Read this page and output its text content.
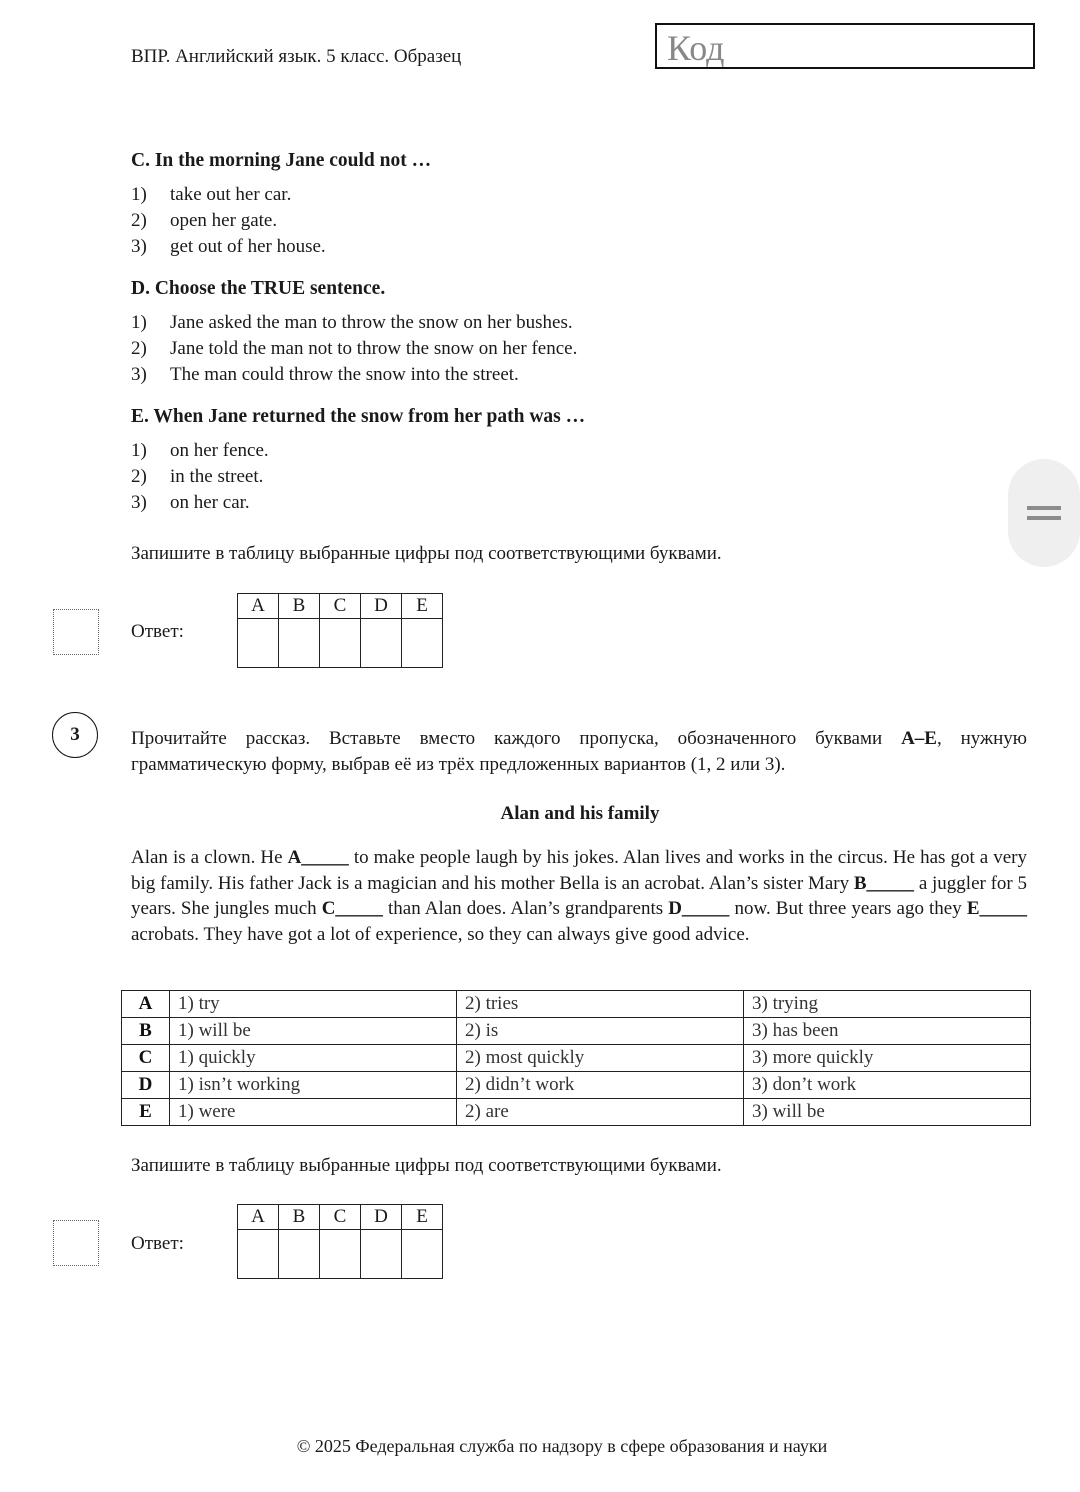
ВПР. Английский язык. 5 класс. Образец	Код
C. In the morning Jane could not …
1) take out her car.
2) open her gate.
3) get out of her house.
D. Choose the TRUE sentence.
1) Jane asked the man to throw the snow on her bushes.
2) Jane told the man not to throw the snow on her fence.
3) The man could throw the snow into the street.
E. When Jane returned the snow from her path was …
1) on her fence.
2) in the street.
3) on her car.
Запишите в таблицу выбранные цифры под соответствующими буквами.
Ответ:
A	B	C	D	E

3	Прочитайте рассказ. Вставьте вместо каждого пропуска, обозначенного буквами A–E, нужную грамматическую форму, выбрав её из трёх предложенных вариантов (1, 2 или 3).
Alan and his family
Alan is a clown. He A_____ to make people laugh by his jokes. Alan lives and works in the circus. He has got a very big family. His father Jack is a magician and his mother Bella is an acrobat. Alan’s sister Mary B_____ a juggler for 5 years. She jungles much C_____ than Alan does. Alan’s grandparents D_____ now. But three years ago they E_____ acrobats. They have got a lot of experience, so they can always give good advice.
A	1) try	2) tries	3) trying
B	1) will be	2) is	3) has been
C	1) quickly	2) most quickly	3) more quickly
D	1) isn’t working	2) didn’t work	3) don’t work
E	1) were	2) are	3) will be
Запишите в таблицу выбранные цифры под соответствующими буквами.
Ответ:
A	B	C	D	E

© 2025 Федеральная служба по надзору в сфере образования и науки
